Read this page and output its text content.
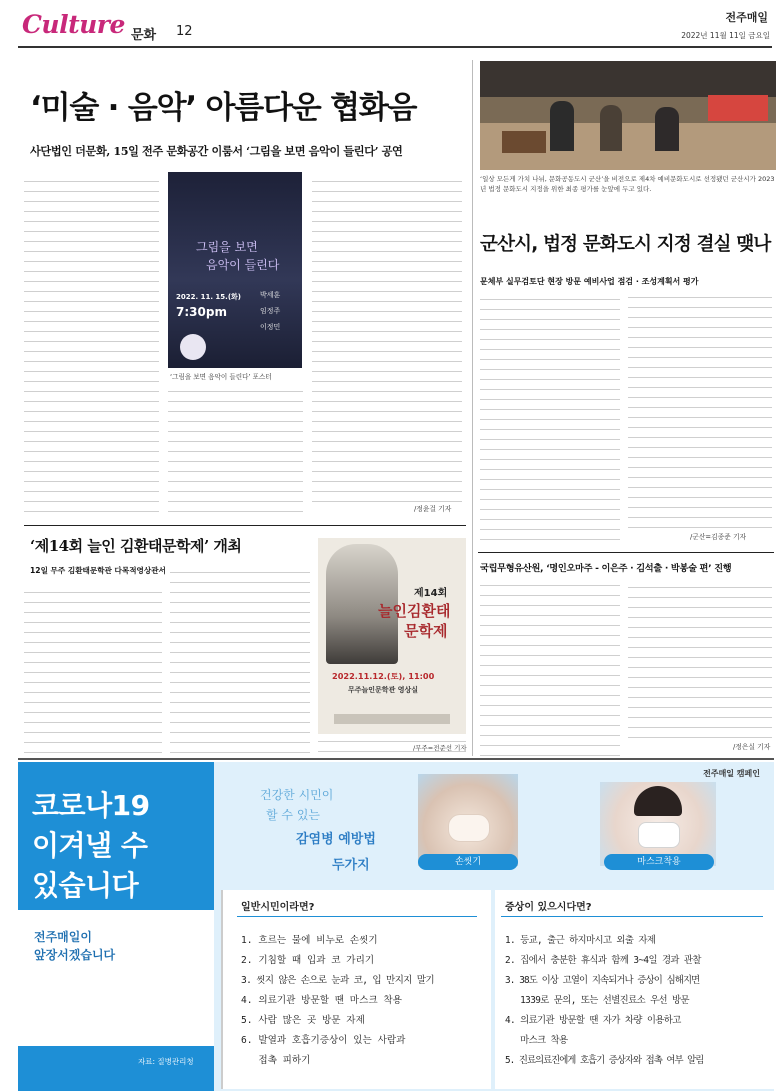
Culture 문화 12
전주매일
2022년 11월 11일 금요일
‘미술 · 음악’ 아름다운 협화음
사단법인 더문화, 15일 전주 문화공간 이룸서 ‘그림을 보면 음악이 들린다’ 공연
그림을 보면
음악이 들린다
2022. 11. 15.(화)
7:30pm
박세훈
임정주
이정민
‘그림을 보면 음악이 들린다’ 포스터
/정윤걸 기자
‘일상 모든게 가치 나뉘, 문화공동도시 군산’을 비전으로 제4차 예비문화도시로 선정됐던 군산시가 2023년 법정 문화도시 지정을 위한 최종 평가를 눈앞에 두고 있다.
군산시, 법정 문화도시 지정 결실 맺나
문체부 실무검토단 현장 방문 예비사업 점검 · 조성계획서 평가
/군산=김종준 기자
‘제14회 늘인 김환태문학제’ 개최
12일 무주 김환태문학관 다목적영상관서
제14회
늘인김환태
문학제
2022.11.12.(토), 11:00
무주늘인문학관 영상실
/무주=전준선 기자
국립무형유산원, ‘명인오마주 - 이은주 · 김석출 · 박봉술 편’ 진행
/정은실 기자
코로나19
이겨낼 수
있습니다
전주매일이
앞장서겠습니다
자료: 질병관리청
건강한 시민이
할 수 있는
감염병 예방법
두가지	손씻기
전주매일 캠페인
마스크착용
일반시민이라면?
1. 흐르는 물에 비누로 손씻기
2. 기침할 때 입과 코 가리기
3. 씻지 않은 손으로 눈과 코, 입 만지지 말기
4. 의료기관 방문할 땐 마스크 착용
5. 사람 많은 곳 방문 자제
6. 발열과 호흡기증상이 있는 사람과
접촉 피하기
증상이 있으시다면?
1. 등교, 출근 하지마시고 외출 자제
2. 집에서 충분한 휴식과 함께 3~4일 경과 관찰
3. 38도 이상 고열이 지속되거나 증상이 심해지면
1339로 문의, 또는 선별진료소 우선 방문
4. 의료기관 방문할 땐 자가 차량 이용하고
마스크 착용
5. 진료의료진에게 호흡기 증상자와 접촉 여부 알림
